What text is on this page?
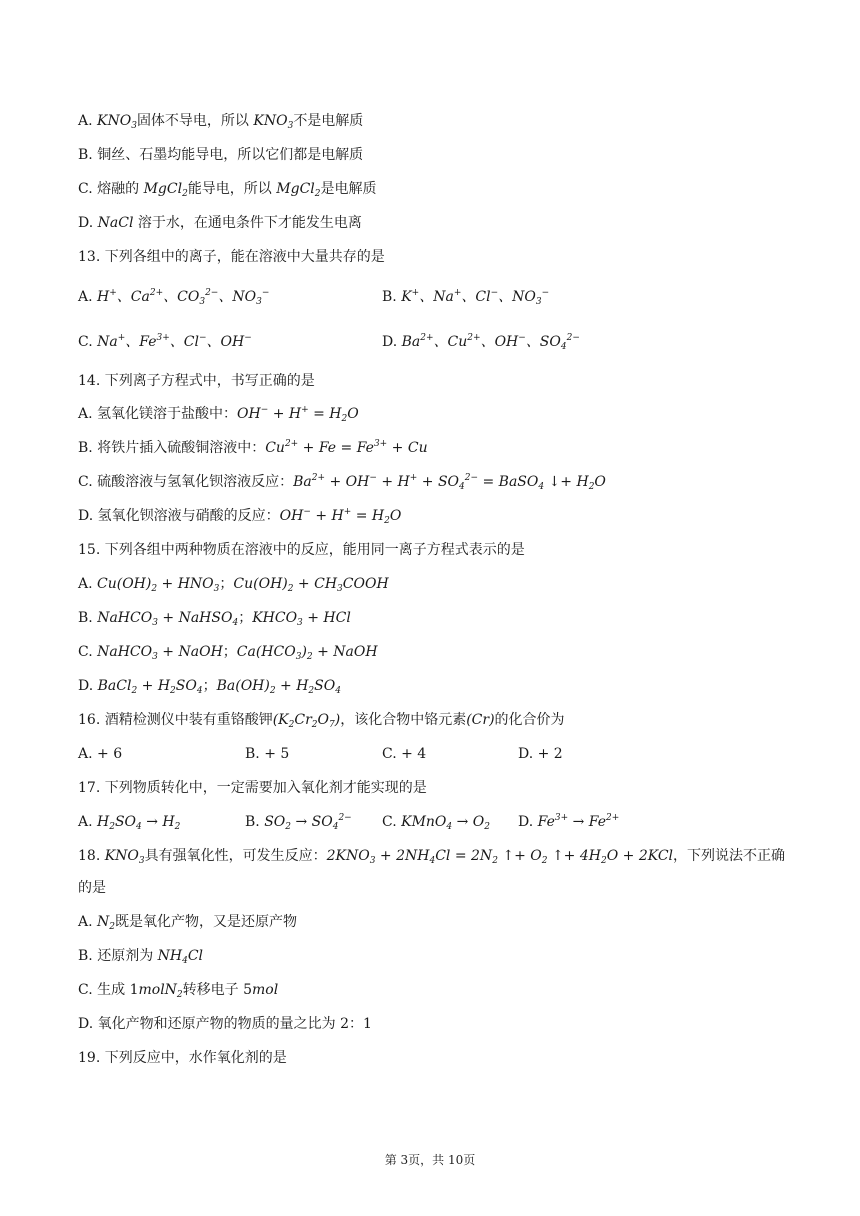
A. $KNO_3$固体不导电，所以 $KNO_3$不是电解质
B. 铜丝、石墨均能导电，所以它们都是电解质
C. 熔融的 MgCl$_2$能导电，所以 MgCl$_2$是电解质
D. NaCl 溶于水，在通电条件下才能发生电离
13. 下列各组中的离子，能在溶液中大量共存的是
A. H+、$Ca^{2+}$、$CO_3^{2-}$、$NO_3^-$	B. K+、Na+、Cl−、$NO_3^-$
C. Na+、$Fe^{3+}$、Cl−、OH−	D. $Ba^{2+}$、$Cu^{2+}$、OH−、$SO_4^{2-}$
14. 下列离子方程式中，书写正确的是
A. 氢氧化镁溶于盐酸中：$OH^- + H^+ = H_2O$
B. 将铁片插入硫酸铜溶液中：$Cu^{2+} + Fe = Fe^{3+} + Cu$
C. 硫酸溶液与氢氧化钡溶液反应：$Ba^{2+} + OH^- + H^+ + SO_4^{2-}$ = BaSO$_4$ ↓+ $H_2O$
D. 氢氧化钡溶液与硝酸的反应：$OH^- + H^+ = H_2O$
15. 下列各组中两种物质在溶液中的反应，能用同一离子方程式表示的是
A. $Cu(OH)_2 + HNO_3$；$Cu(OH)_2$ + $CH_3COOH$
B. NaHCO$_3$ + NaHSO$_4$；$KHCO_3$ + HCl
C. NaHCO$_3$ + NaOH；$Ca(HCO_3)_2$ + NaOH
D. BaCl$_2$ + $H_2SO_4$；$Ba(OH)_2 + H_2SO_4$
16. 酒精检测仪中装有重铬酸钾$(K_2Cr_2O_7)$，该化合物中铬元素(Cr)的化合价为
A. + 6	B. + 5	C. + 4	D. + 2
17. 下列物质转化中，一定需要加入氧化剂才能实现的是
A. $H_2SO_4 \to H_2$	B. $SO_2 \to SO_4^{2-}$ C. KMnO$_4$ → $O_2$ D. $Fe^{3+} \to Fe^{2+}$
18. $KNO_3$具有强氧化性，可发生反应：$2KNO_3 + 2NH_4Cl = 2N_2$ ↑+ $O_2$ ↑+ $4H_2O + 2KCl$，下列说法不正确
的是
A. $N_2$既是氧化产物，又是还原产物
B. 还原剂为 $NH_4Cl$
C. 生成 1molN$_2$转移电子 5mol
D. 氧化产物和还原产物的物质的量之比为 2：1
19. 下列反应中，水作氧化剂的是
第 3页，共 10页
